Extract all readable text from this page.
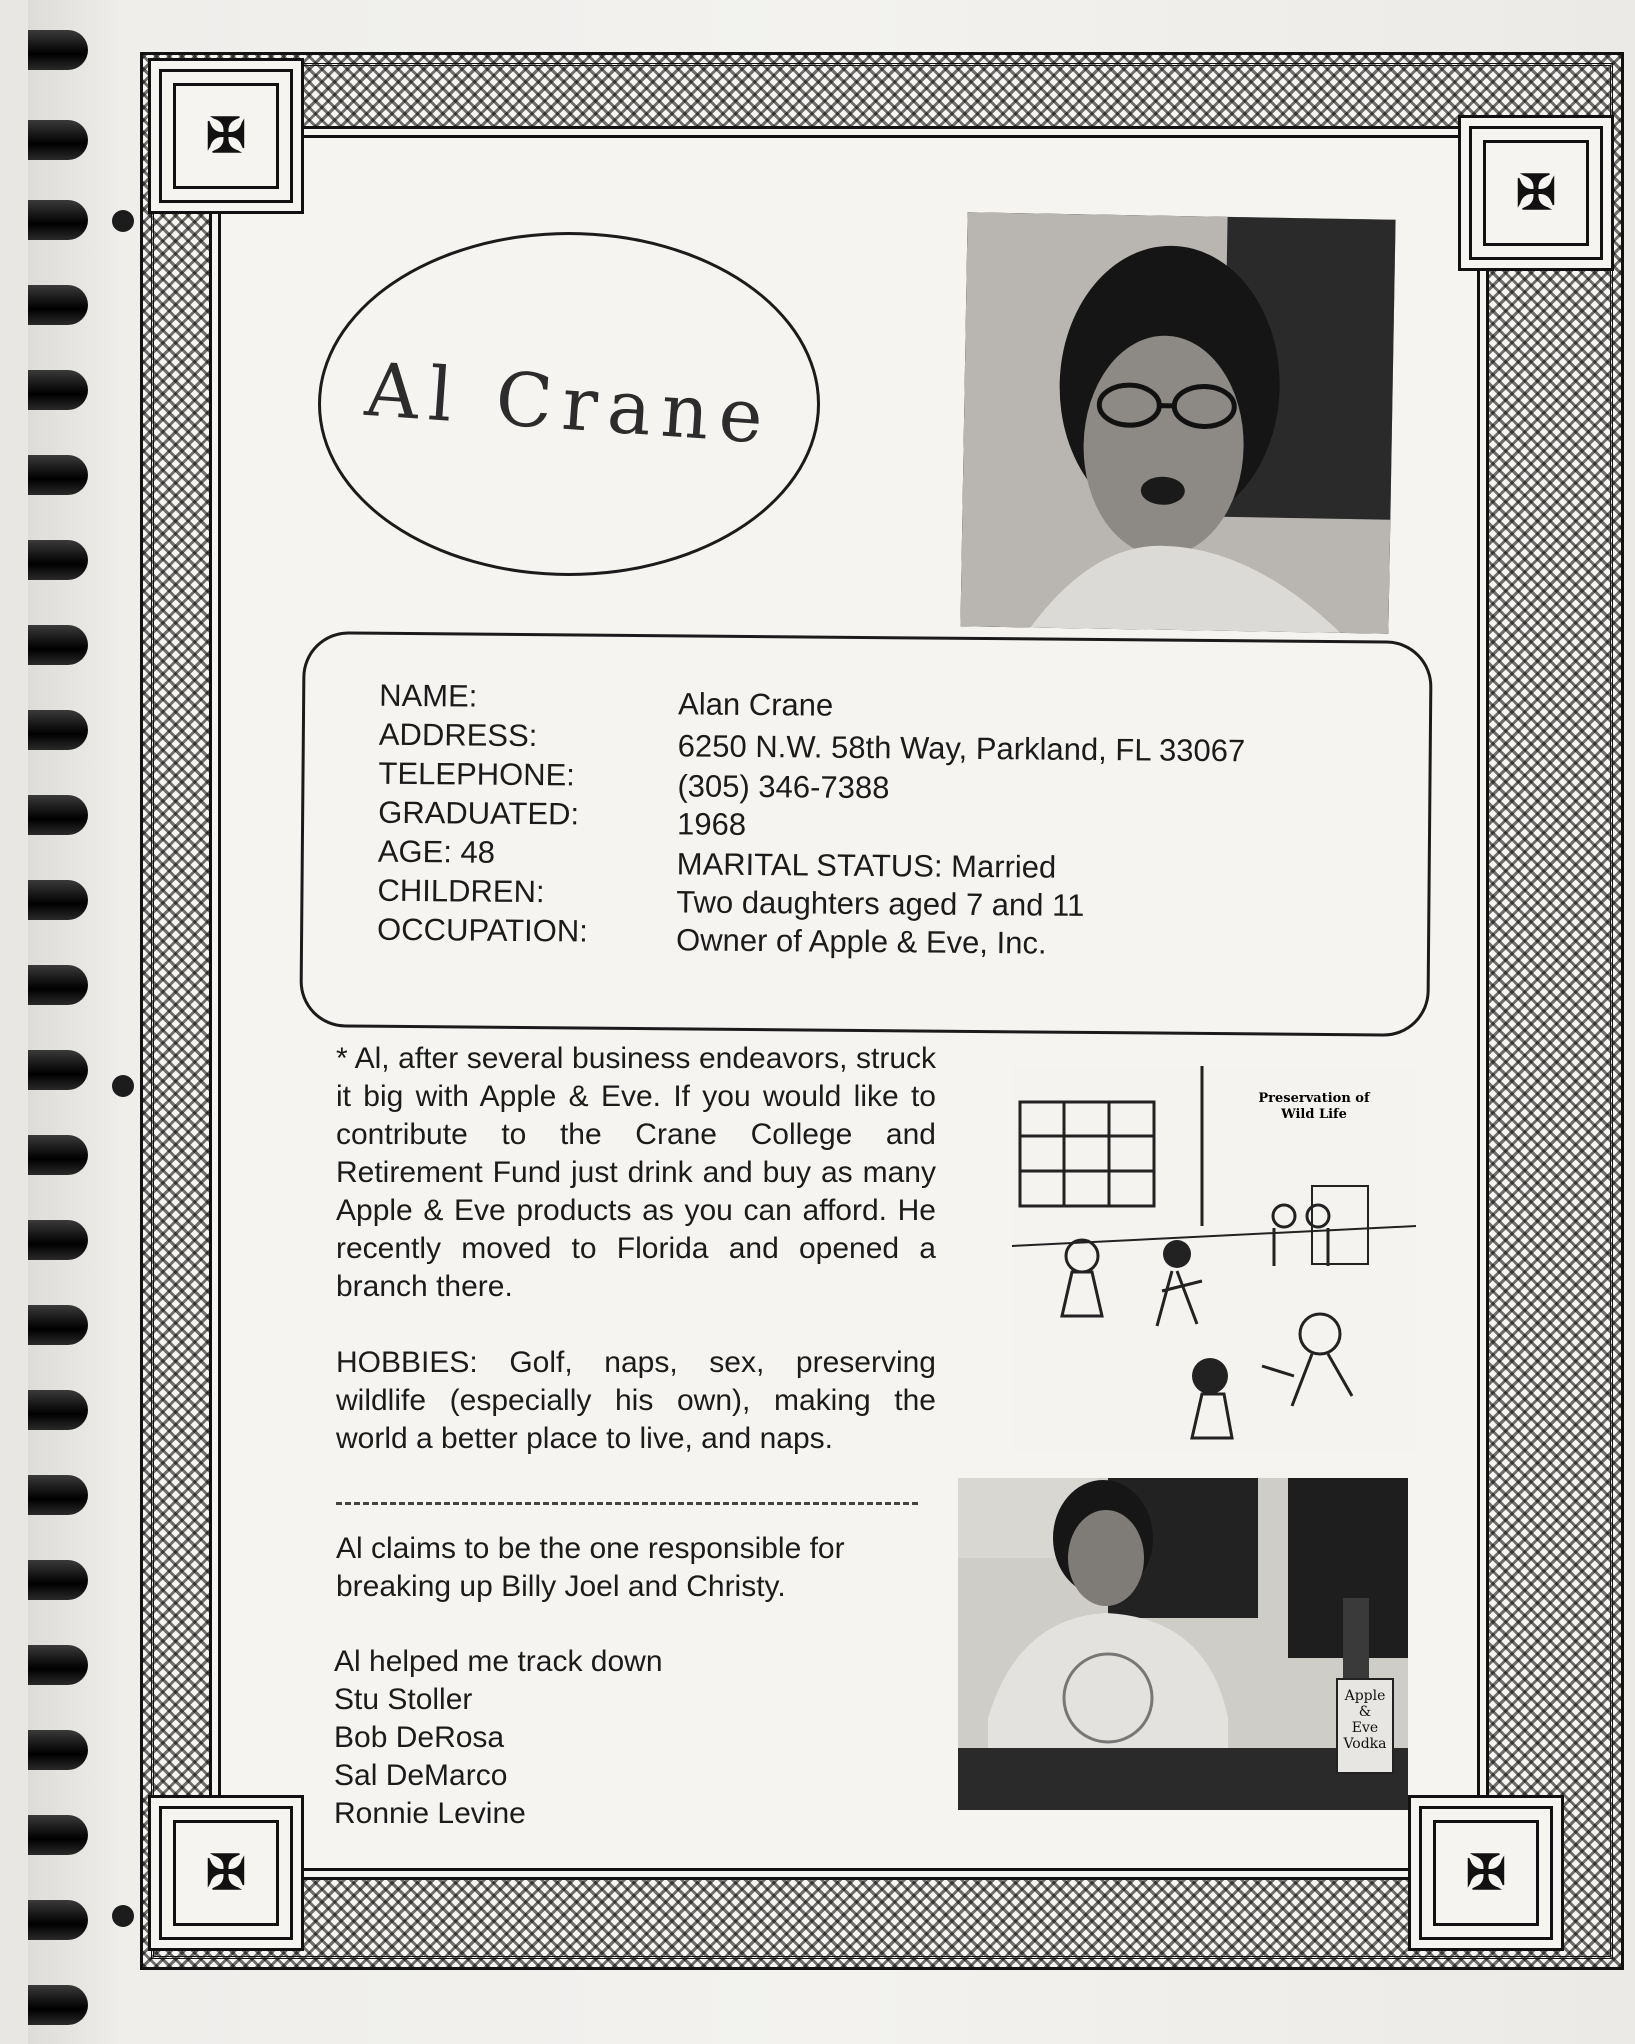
✠
✠
✠	✠
Al Crane
NAME:
ADDRESS:
TELEPHONE:
GRADUATED:
AGE: 48
CHILDREN:
OCCUPATION:
Alan Crane
6250 N.W. 58th Way, Parkland, FL 33067
(305) 346-7388
1968
MARITAL STATUS: Married
Two daughters aged 7 and 11
Owner of Apple & Eve, Inc.

* Al, after several business endeavors, struck it big with Apple & Eve. If you would like to contribute to the Crane College and Retirement Fund just drink and buy as many Apple & Eve products as you can afford. He recently moved to Florida and opened a branch there.

HOBBIES: Golf, naps, sex, preserving wildlife (especially his own), making the world a better place to live, and naps.

Al claims to be the one responsible for breaking up Billy Joel and Christy.
Al helped me track down
Stu Stoller
Bob DeRosa
Sal DeMarco
Ronnie Levine
Preservation of
Wild Life
Apple
&
Eve
Vodka
